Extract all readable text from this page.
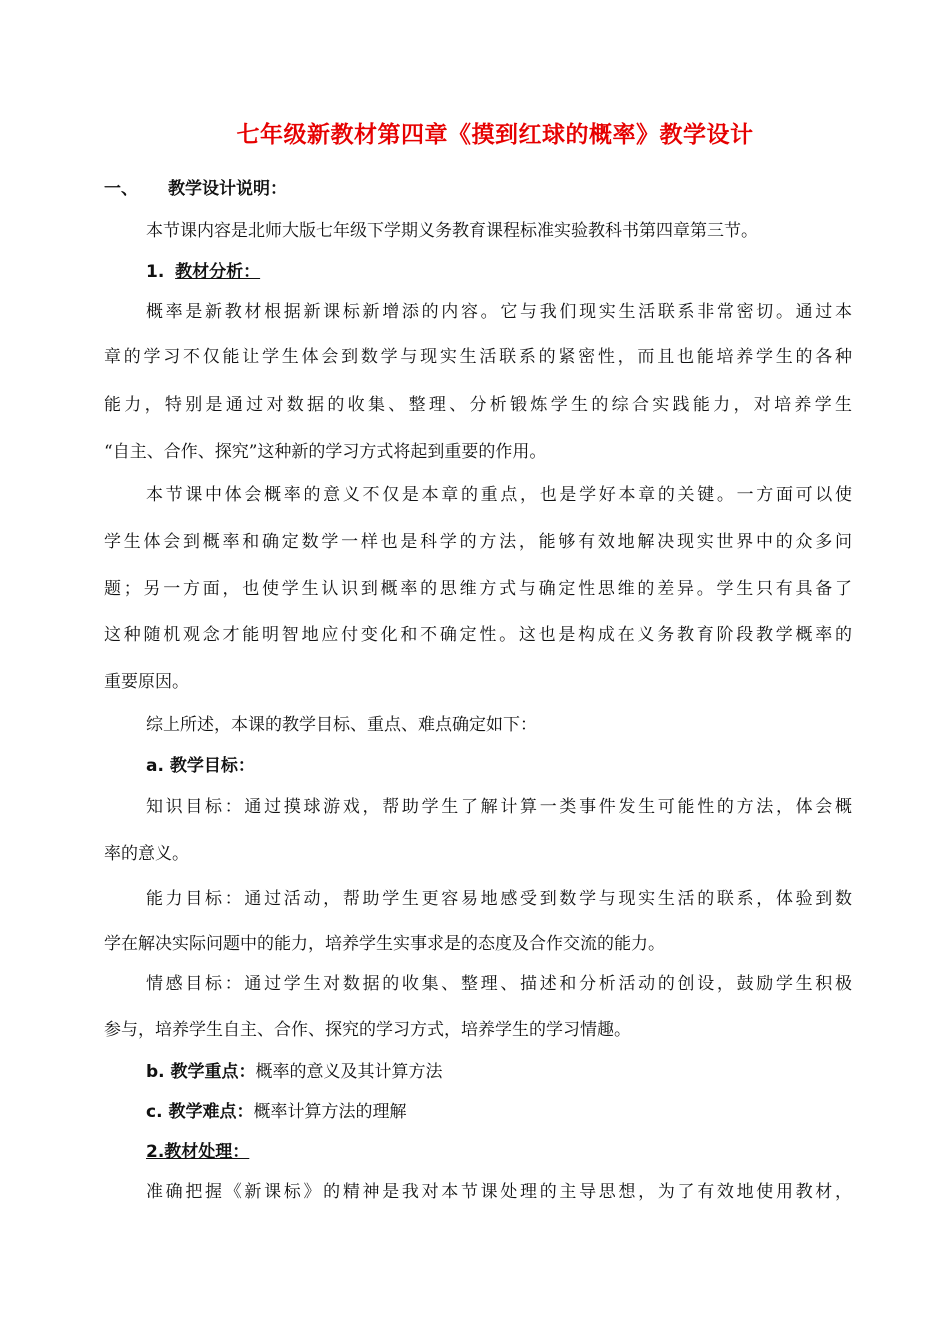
七年级新教材第四章《摸到红球的概率》教学设计
一、 教学设计说明：
本节课内容是北师大版七年级下学期义务教育课程标准实验教科书第四章第三节。
1. 教材分析：
概率是新教材根据新课标新增添的内容。它与我们现实生活联系非常密切。通过本
章的学习不仅能让学生体会到数学与现实生活联系的紧密性，而且也能培养学生的各种
能力，特别是通过对数据的收集、整理、分析锻炼学生的综合实践能力，对培养学生
“自主、合作、探究”这种新的学习方式将起到重要的作用。
本节课中体会概率的意义不仅是本章的重点，也是学好本章的关键。一方面可以使
学生体会到概率和确定数学一样也是科学的方法，能够有效地解决现实世界中的众多问
题；另一方面，也使学生认识到概率的思维方式与确定性思维的差异。学生只有具备了
这种随机观念才能明智地应付变化和不确定性。这也是构成在义务教育阶段教学概率的
重要原因。
综上所述，本课的教学目标、重点、难点确定如下：
a. 教学目标：
知识目标：通过摸球游戏，帮助学生了解计算一类事件发生可能性的方法，体会概
率的意义。
能力目标：通过活动，帮助学生更容易地感受到数学与现实生活的联系，体验到数
学在解决实际问题中的能力，培养学生实事求是的态度及合作交流的能力。
情感目标：通过学生对数据的收集、整理、描述和分析活动的创设，鼓励学生积极
参与，培养学生自主、合作、探究的学习方式，培养学生的学习情趣。
b. 教学重点：概率的意义及其计算方法
c. 教学难点：概率计算方法的理解
2.教材处理：
准确把握《新课标》的精神是我对本节课处理的主导思想，为了有效地使用教材，
